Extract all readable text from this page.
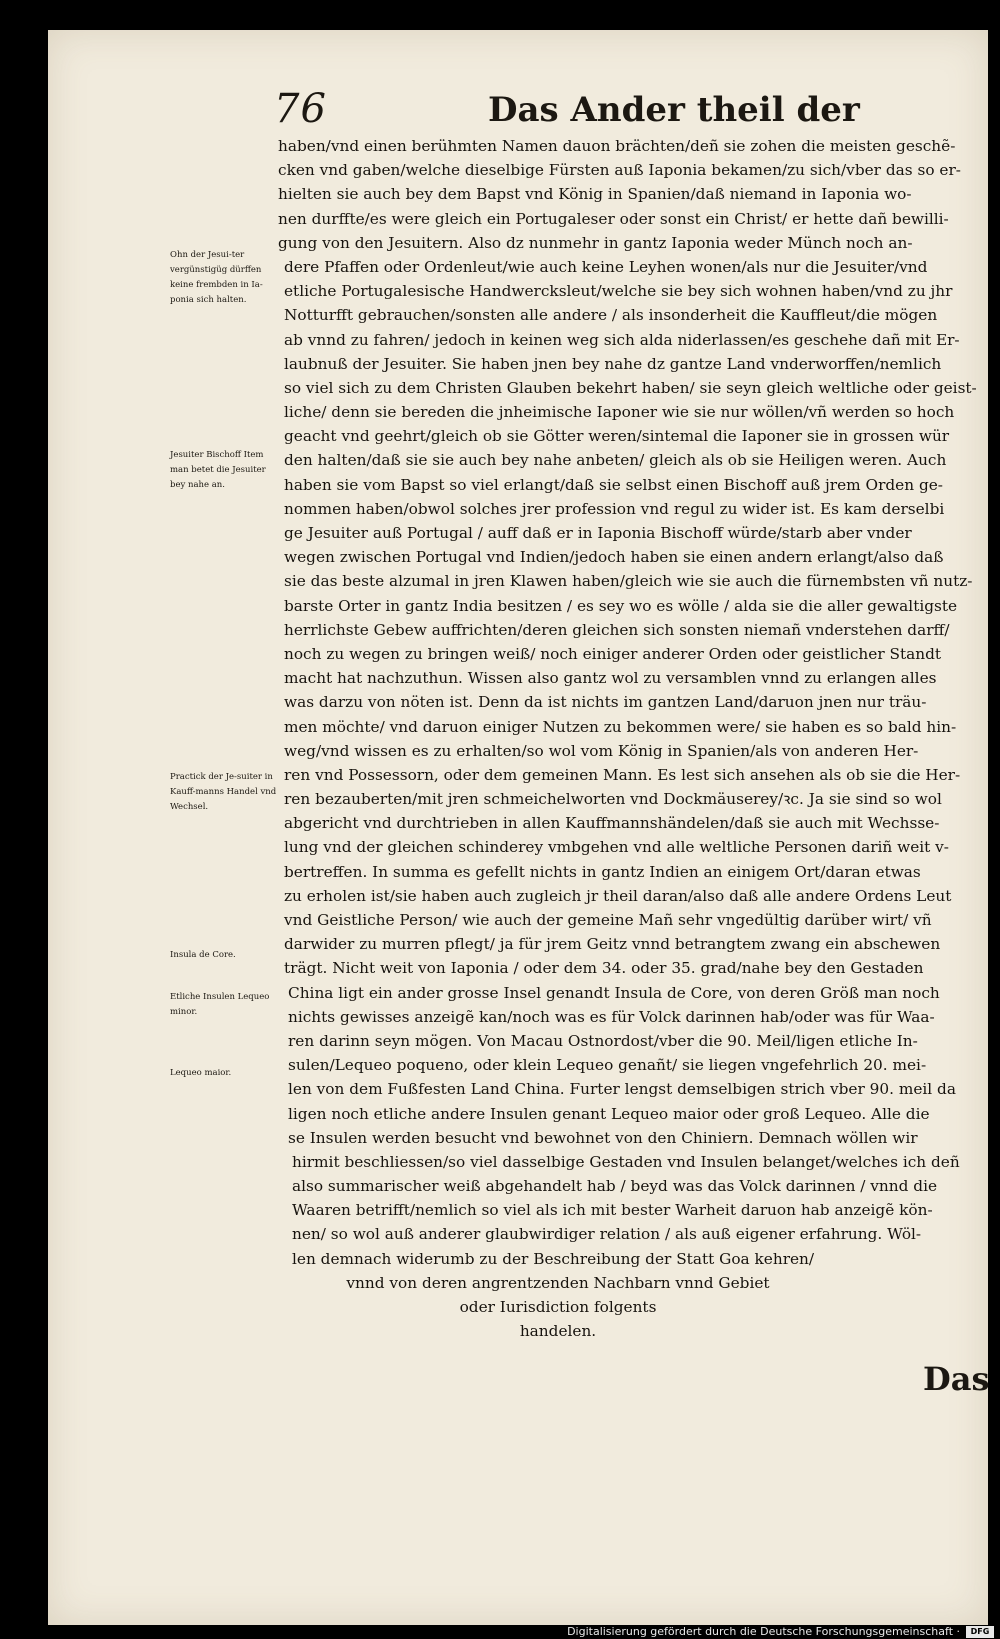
76	Das Ander theil der
Ohn der Jesui-ter vergünstigüg dürffen keine frembden in Ia-ponia sich halten.
Jesuiter Bischoff Item man betet die Jesuiter bey nahe an.
Practick der Je-suiter in Kauff-manns Handel vnd Wechsel.
Insula de Core.
Etliche Insulen Lequeo minor.
Lequeo maior.
haben/vnd einen berühmten Namen dauon brächten/deñ sie zohen die meisten geschẽ-
cken vnd gaben/welche dieselbige Fürsten auß Iaponia bekamen/zu sich/vber das so er-
hielten sie auch bey dem Bapst vnd König in Spanien/daß niemand in Iaponia wo-
nen durffte/es were gleich ein Portugaleser oder sonst ein Christ/ er hette dañ bewilli-
gung von den Jesuitern. Also dz nunmehr in gantz Iaponia weder Münch noch an-
dere Pfaffen oder Ordenleut/wie auch keine Leyhen wonen/als nur die Jesuiter/vnd
etliche Portugalesische Handwercksleut/welche sie bey sich wohnen haben/vnd zu jhr
Notturfft gebrauchen/sonsten alle andere / als insonderheit die Kauffleut/die mögen
ab vnnd zu fahren/ jedoch in keinen weg sich alda niderlassen/es geschehe dañ mit Er-
laubnuß der Jesuiter. Sie haben jnen bey nahe dz gantze Land vnderworffen/nemlich
so viel sich zu dem Christen Glauben bekehrt haben/ sie seyn gleich weltliche oder geist-
liche/ denn sie bereden die jnheimische Iaponer wie sie nur wöllen/vñ werden so hoch
geacht vnd geehrt/gleich ob sie Götter weren/sintemal die Iaponer sie in grossen wür
den halten/daß sie sie auch bey nahe anbeten/ gleich als ob sie Heiligen weren. Auch
haben sie vom Bapst so viel erlangt/daß sie selbst einen Bischoff auß jrem Orden ge-
nommen haben/obwol solches jrer profession vnd regul zu wider ist. Es kam derselbi
ge Jesuiter auß Portugal / auff daß er in Iaponia Bischoff würde/starb aber vnder
wegen zwischen Portugal vnd Indien/jedoch haben sie einen andern erlangt/also daß
sie das beste alzumal in jren Klawen haben/gleich wie sie auch die fürnembsten vñ nutz-
barste Orter in gantz India besitzen / es sey wo es wölle / alda sie die aller gewaltigste
herrlichste Gebew auffrichten/deren gleichen sich sonsten niemañ vnderstehen darff/
noch zu wegen zu bringen weiß/ noch einiger anderer Orden oder geistlicher Standt
macht hat nachzuthun. Wissen also gantz wol zu versamblen vnnd zu erlangen alles
was darzu von nöten ist. Denn da ist nichts im gantzen Land/daruon jnen nur träu-
men möchte/ vnd daruon einiger Nutzen zu bekommen were/ sie haben es so bald hin-
weg/vnd wissen es zu erhalten/so wol vom König in Spanien/als von anderen Her-
ren vnd Possessorn, oder dem gemeinen Mann. Es lest sich ansehen als ob sie die Her-
ren bezauberten/mit jren schmeichelworten vnd Dockmäuserey/ꝛc. Ja sie sind so wol
abgericht vnd durchtrieben in allen Kauffmannshändelen/daß sie auch mit Wechsse-
lung vnd der gleichen schinderey vmbgehen vnd alle weltliche Personen dariñ weit v-
bertreffen. In summa es gefellt nichts in gantz Indien an einigem Ort/daran etwas
zu erholen ist/sie haben auch zugleich jr theil daran/also daß alle andere Ordens Leut
vnd Geistliche Person/ wie auch der gemeine Mañ sehr vngedültig darüber wirt/ vñ
darwider zu murren pflegt/ ja für jrem Geitz vnnd betrangtem zwang ein abschewen
trägt. Nicht weit von Iaponia / oder dem 34. oder 35. grad/nahe bey den Gestaden
China ligt ein ander grosse Insel genandt Insula de Core, von deren Größ man noch
nichts gewisses anzeigẽ kan/noch was es für Volck darinnen hab/oder was für Waa-
ren darinn seyn mögen. Von Macau Ostnordost/vber die 90. Meil/ligen etliche In-
sulen/Lequeo poqueno, oder klein Lequeo genañt/ sie liegen vngefehrlich 20. mei-
len von dem Fußfesten Land China. Furter lengst demselbigen strich vber 90. meil da
ligen noch etliche andere Insulen genant Lequeo maior oder groß Lequeo. Alle die
se Insulen werden besucht vnd bewohnet von den Chiniern. Demnach wöllen wir
hirmit beschliessen/so viel dasselbige Gestaden vnd Insulen belanget/welches ich deñ
also summarischer weiß abgehandelt hab / beyd was das Volck darinnen / vnnd die
Waaren betrifft/nemlich so viel als ich mit bester Warheit daruon hab anzeigẽ kön-
nen/ so wol auß anderer glaubwirdiger relation / als auß eigener erfahrung. Wöl-
len demnach widerumb zu der Beschreibung der Statt Goa kehren/
vnnd von deren angrentzenden Nachbarn vnnd Gebiet
oder Iurisdiction folgents
handelen.
Das
Digitalisierung gefördert durch die Deutsche Forschungsgemeinschaft ·	DFG
